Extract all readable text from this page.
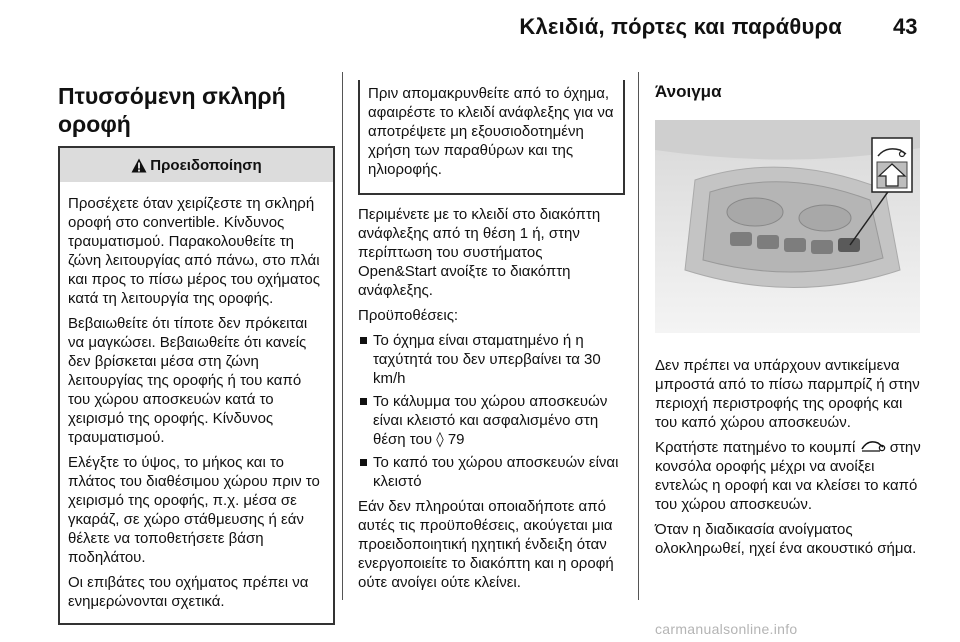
Κλειδιά, πόρτες και παράθυρα 43
Πτυσσόμενη σκληρή
οροφή
Προειδοποίηση

Προσέχετε όταν χειρίζεστε τη σκληρή οροφή στο convertible. Κίνδυνος τραυματισμού. Παρακολουθείτε τη ζώνη λειτουργίας από πάνω, στο πλάι και προς το πίσω μέρος του οχήματος κατά τη λειτουργία της οροφής.

Βεβαιωθείτε ότι τίποτε δεν πρόκειται να μαγκώσει. Βεβαιωθείτε ότι κανείς δεν βρίσκεται μέσα στη ζώνη λειτουργίας της οροφής ή του καπό του χώρου αποσκευών κατά το χειρισμό της οροφής. Κίνδυνος τραυματισμού.

Ελέγξτε το ύψος, το μήκος και το πλάτος του διαθέσιμου χώρου πριν το χειρισμό της οροφής, π.χ. μέσα σε γκαράζ, σε χώρο στάθμευσης ή εάν θέλετε να τοποθετήσετε βάση ποδηλάτου.

Οι επιβάτες του οχήματος πρέπει να ενημερώνονται σχετικά.

Πριν απομακρυνθείτε από το όχημα, αφαιρέστε το κλειδί ανάφλεξης για να αποτρέψετε μη εξουσιοδοτημένη χρήση των παραθύρων και της ηλιοροφής.

Περιμένετε με το κλειδί στο διακόπτη ανάφλεξης από τη θέση 1 ή, στην περίπτωση του συστήματος Open&Start ανοίξτε το διακόπτη ανάφλεξης.

Προϋποθέσεις:

Το όχημα είναι σταματημένο ή η ταχύτητά του δεν υπερβαίνει τα 30 km/h
Το κάλυμμα του χώρου αποσκευών είναι κλειστό και ασφαλισμένο στη θέση του ◊ 79
Το καπό του χώρου αποσκευών είναι κλειστό

Εάν δεν πληρούται οποιαδήποτε από αυτές τις προϋποθέσεις, ακούγεται μια προειδοποιητική ηχητική ένδειξη όταν ενεργοποιείτε το διακόπτη και η οροφή ούτε ανοίγει ούτε κλείνει.

Άνοιγμα

Δεν πρέπει να υπάρχουν αντικείμενα μπροστά από το πίσω παρμπρίζ ή στην περιοχή περιστροφής της οροφής και του καπό χώρου αποσκευών.

Κρατήστε πατημένο το κουμπί στην κονσόλα οροφής μέχρι να ανοίξει εντελώς η οροφή και να κλείσει το καπό του χώρου αποσκευών.

Όταν η διαδικασία ανοίγματος ολοκληρωθεί, ηχεί ένα ακουστικό σήμα.

carmanualsonline.info
